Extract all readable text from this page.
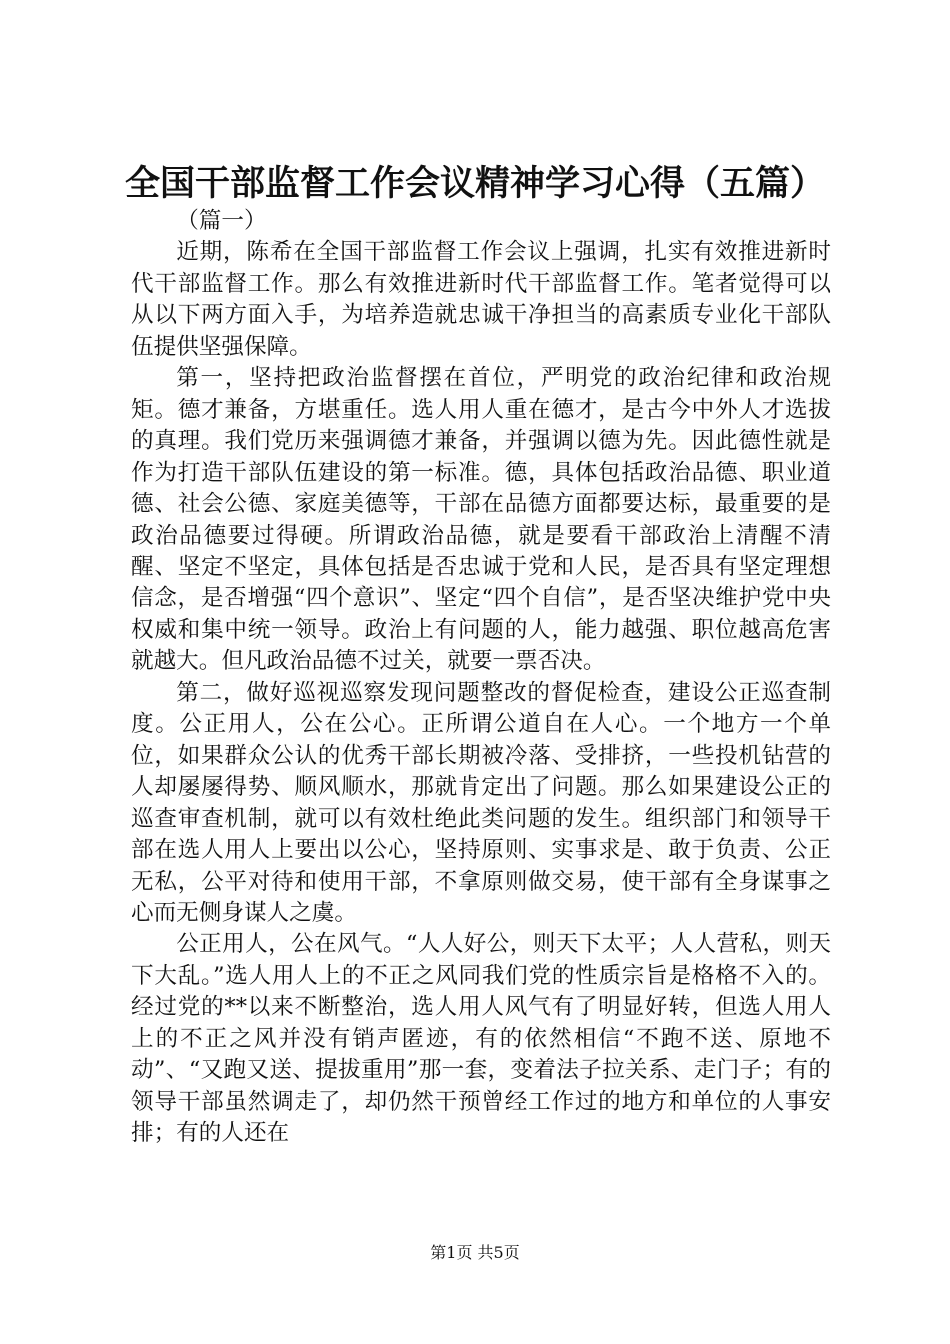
全国干部监督工作会议精神学习心得（五篇）

（篇一）

近期，陈希在全国干部监督工作会议上强调，扎实有效推进新时代干部监督工作。那么有效推进新时代干部监督工作。笔者觉得可以从以下两方面入手，为培养造就忠诚干净担当的高素质专业化干部队伍提供坚强保障。

第一，坚持把政治监督摆在首位，严明党的政治纪律和政治规矩。德才兼备，方堪重任。选人用人重在德才，是古今中外人才选拔的真理。我们党历来强调德才兼备，并强调以德为先。因此德性就是作为打造干部队伍建设的第一标准。德，具体包括政治品德、职业道德、社会公德、家庭美德等，干部在品德方面都要达标，最重要的是政治品德要过得硬。所谓政治品德，就是要看干部政治上清醒不清醒、坚定不坚定，具体包括是否忠诚于党和人民，是否具有坚定理想信念，是否增强“四个意识”、坚定“四个自信”，是否坚决维护党中央权威和集中统一领导。政治上有问题的人，能力越强、职位越高危害就越大。但凡政治品德不过关，就要一票否决。

第二，做好巡视巡察发现问题整改的督促检查，建设公正巡查制度。公正用人，公在公心。正所谓公道自在人心。一个地方一个单位，如果群众公认的优秀干部长期被冷落、受排挤，一些投机钻营的人却屡屡得势、顺风顺水，那就肯定出了问题。那么如果建设公正的巡查审查机制，就可以有效杜绝此类问题的发生。组织部门和领导干部在选人用人上要出以公心，坚持原则、实事求是、敢于负责、公正无私，公平对待和使用干部，不拿原则做交易，使干部有全身谋事之心而无侧身谋人之虞。

公正用人，公在风气。“人人好公，则天下太平；人人营私，则天下大乱。”选人用人上的不正之风同我们党的性质宗旨是格格不入的。经过党的**以来不断整治，选人用人风气有了明显好转，但选人用人上的不正之风并没有销声匿迹，有的依然相信“不跑不送、原地不动”、“又跑又送、提拔重用”那一套，变着法子拉关系、走门子；有的领导干部虽然调走了，却仍然干预曾经工作过的地方和单位的人事安排；有的人还在

第1页 共5页
